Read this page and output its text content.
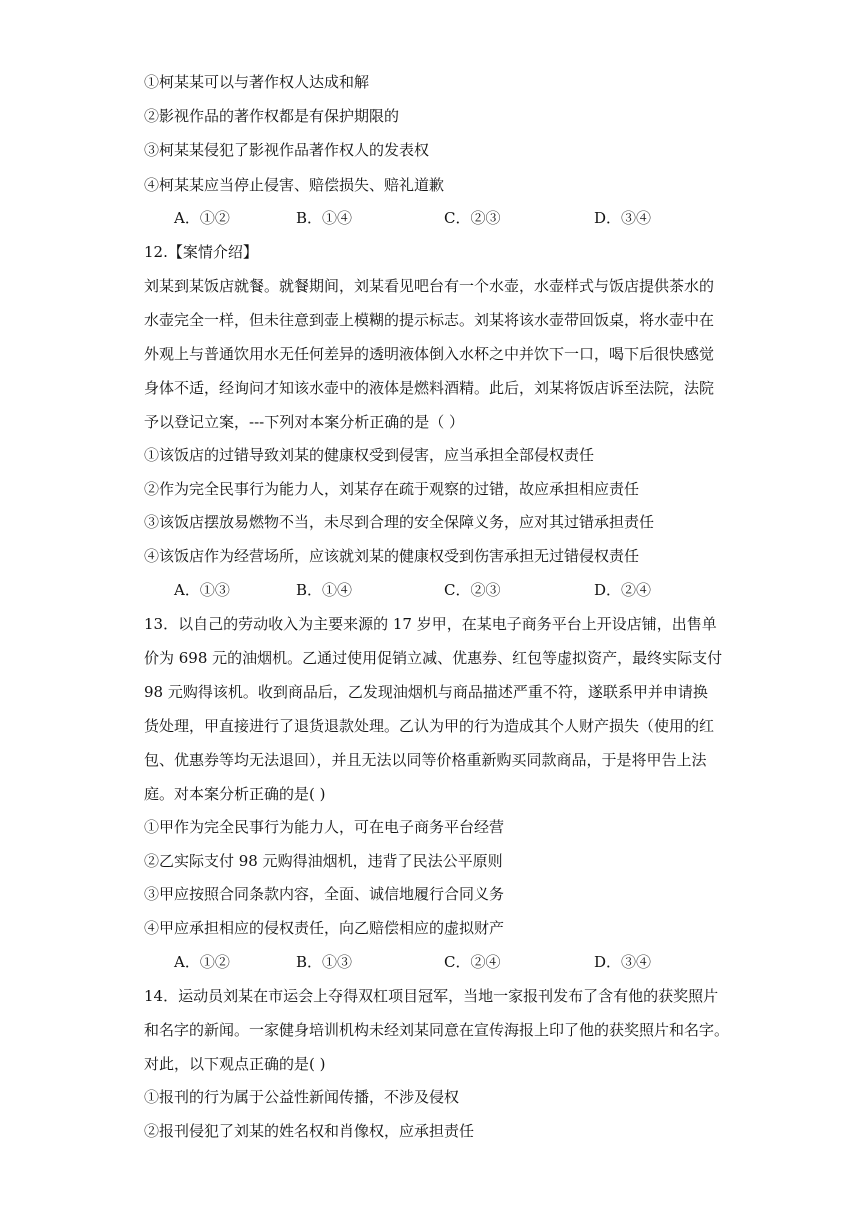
①柯某某可以与著作权人达成和解
②影视作品的著作权都是有保护期限的
③柯某某侵犯了影视作品著作权人的发表权
④柯某某应当停止侵害、赔偿损失、赔礼道歉
A．①②	B．①④	C．②③	D．③④
12.【案情介绍】
刘某到某饭店就餐。就餐期间，刘某看见吧台有一个水壶，水壶样式与饭店提供茶水的
水壶完全一样，但未往意到壶上模糊的提示标志。刘某将该水壶带回饭桌，将水壶中在
外观上与普通饮用水无任何差异的透明液体倒入水杯之中并饮下一口，喝下后很快感觉
身体不适，经询问才知该水壶中的液体是燃料酒精。此后，刘某将饭店诉至法院，法院
予以登记立案，---下列对本案分析正确的是（ ）
①该饭店的过错导致刘某的健康权受到侵害，应当承担全部侵权责任
②作为完全民事行为能力人，刘某存在疏于观察的过错，故应承担相应责任
③该饭店摆放易燃物不当，未尽到合理的安全保障义务，应对其过错承担责任
④该饭店作为经营场所，应该就刘某的健康权受到伤害承担无过错侵权责任
A．①③	B．①④	C．②③	D．②④
13．以自己的劳动收入为主要来源的 17 岁甲，在某电子商务平台上开设店铺，出售单
价为 698 元的油烟机。乙通过使用促销立减、优惠券、红包等虚拟资产，最终实际支付
98 元购得该机。收到商品后，乙发现油烟机与商品描述严重不符，遂联系甲并申请换
货处理，甲直接进行了退货退款处理。乙认为甲的行为造成其个人财产损失（使用的红
包、优惠券等均无法退回），并且无法以同等价格重新购买同款商品，于是将甲告上法
庭。对本案分析正确的是( )
①甲作为完全民事行为能力人，可在电子商务平台经营
②乙实际支付 98 元购得油烟机，违背了民法公平原则
③甲应按照合同条款内容，全面、诚信地履行合同义务
④甲应承担相应的侵权责任，向乙赔偿相应的虚拟财产
A．①②	B．①③	C．②④	D．③④
14．运动员刘某在市运会上夺得双杠项目冠军，当地一家报刊发布了含有他的获奖照片
和名字的新闻。一家健身培训机构未经刘某同意在宣传海报上印了他的获奖照片和名字。
对此，以下观点正确的是( )
①报刊的行为属于公益性新闻传播，不涉及侵权
②报刊侵犯了刘某的姓名权和肖像权，应承担责任
